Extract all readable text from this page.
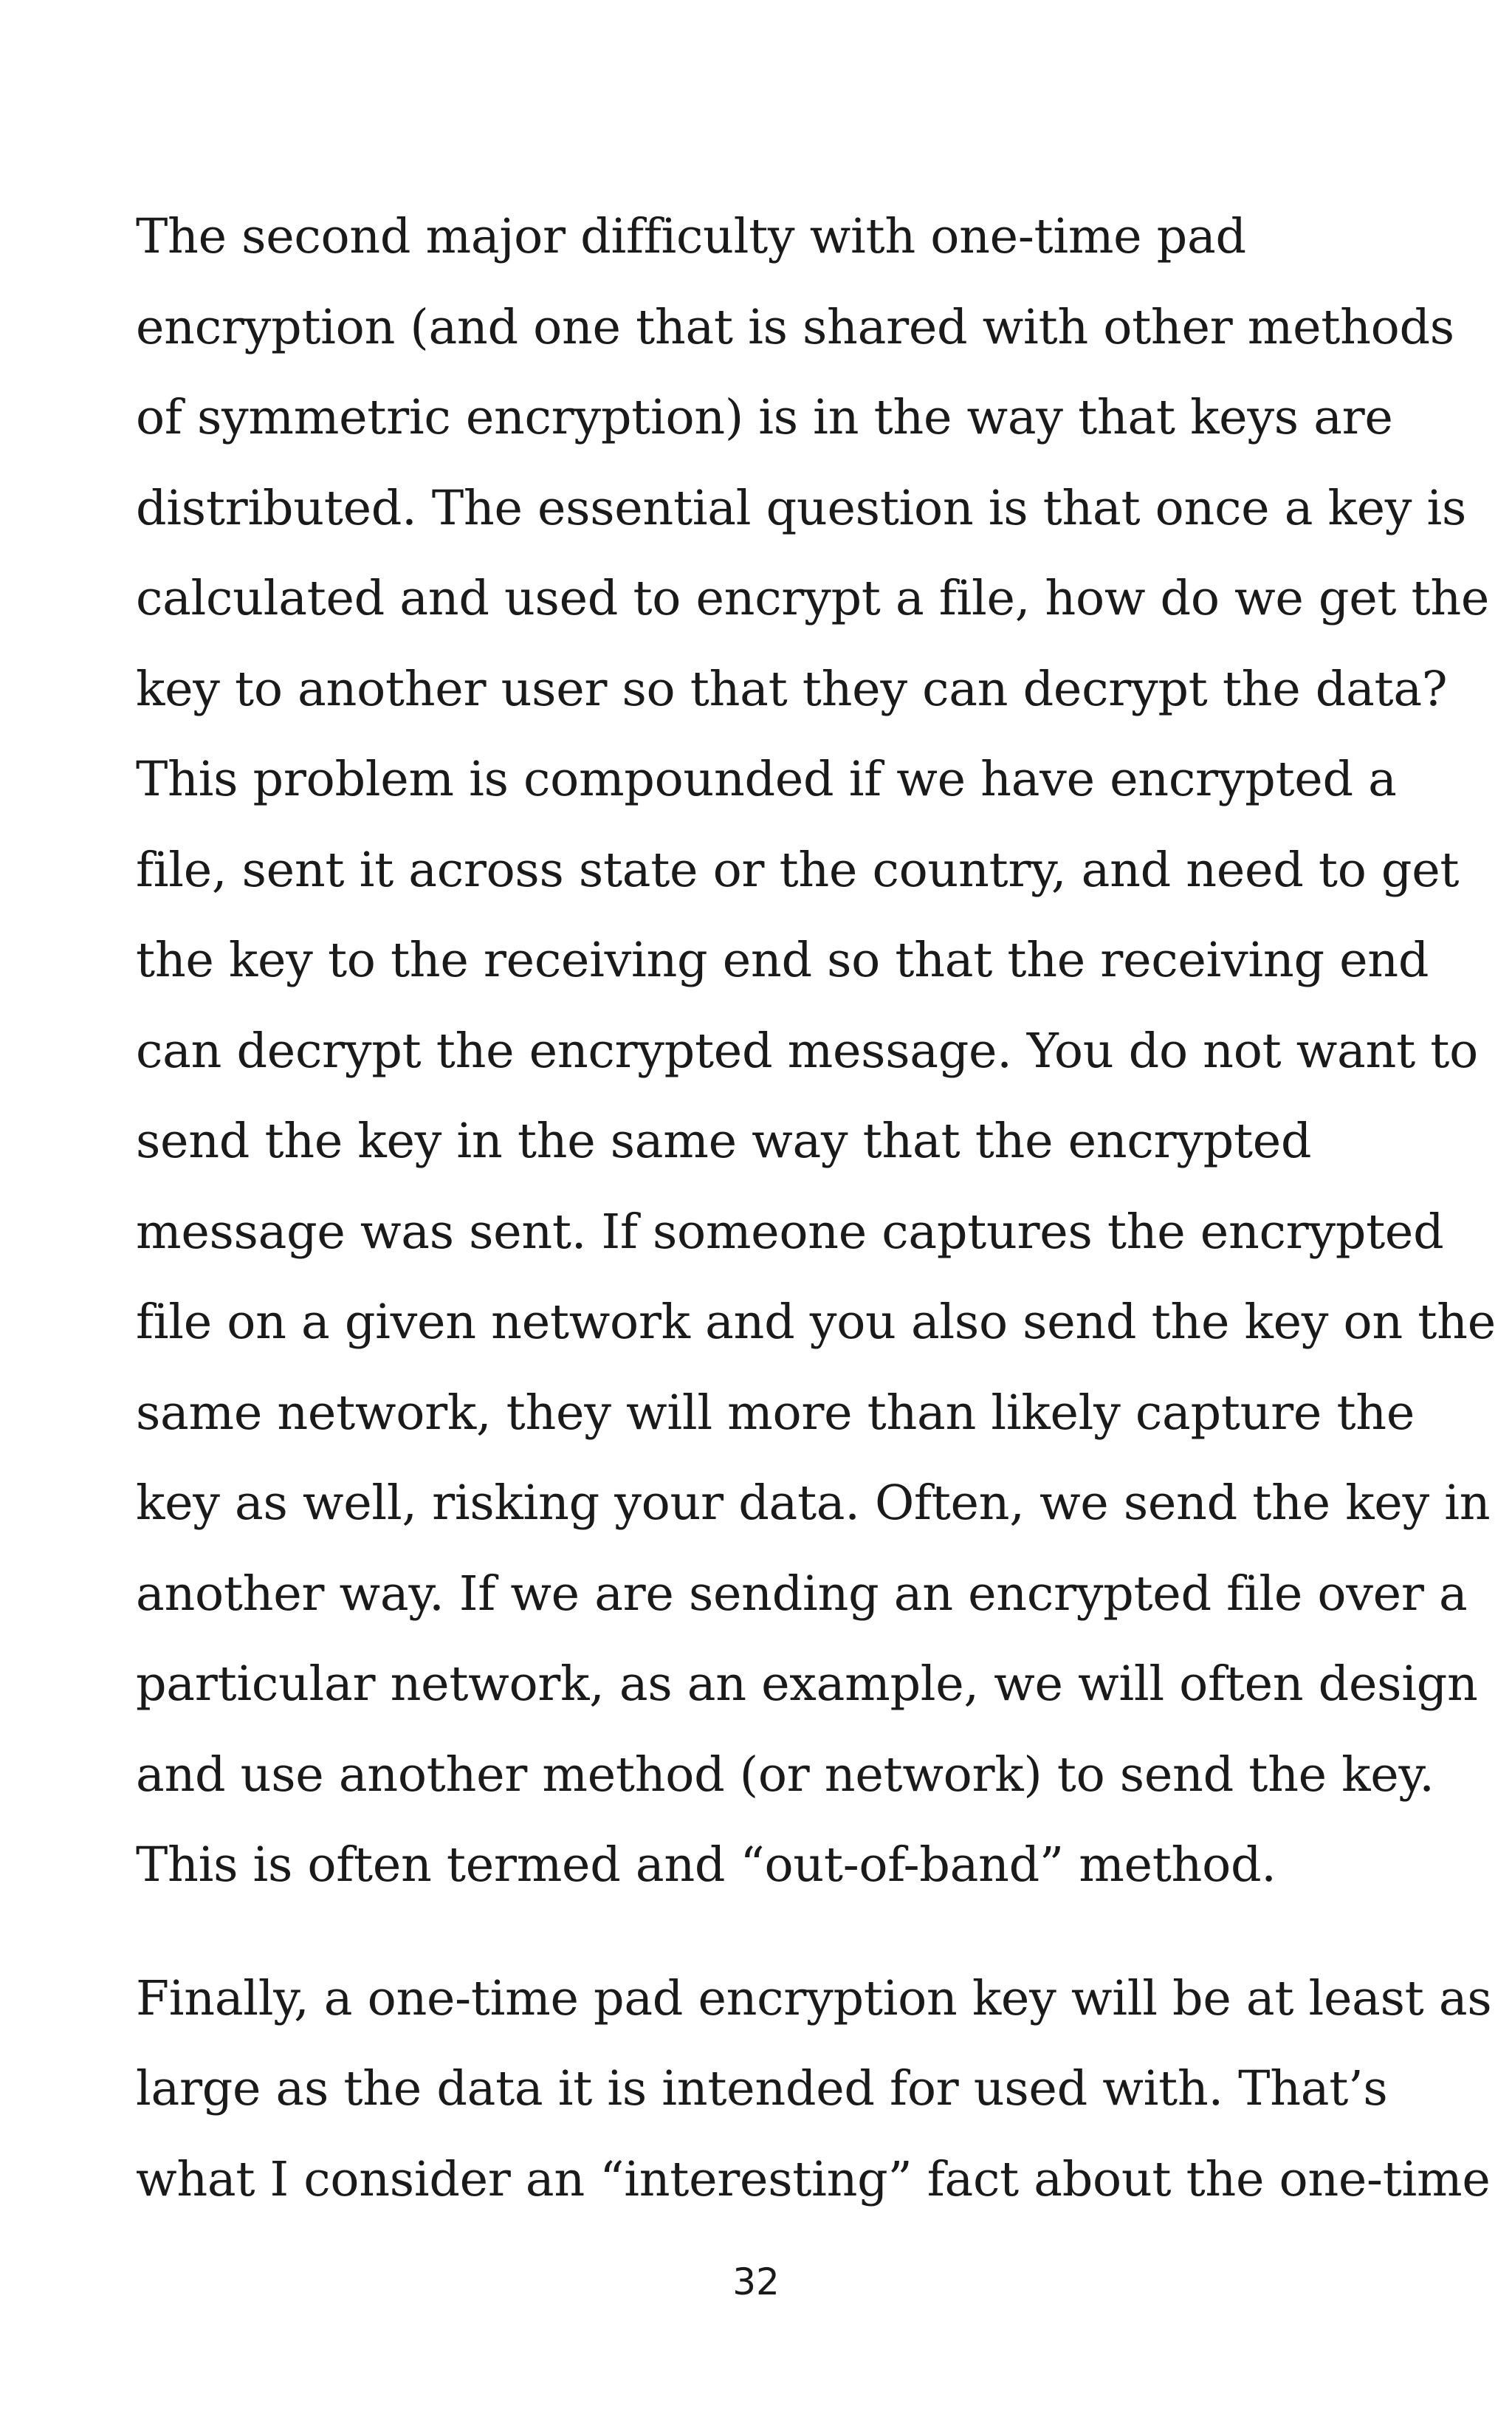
The second major difficulty with one-time pad
encryption (and one that is shared with other methods
of symmetric encryption) is in the way that keys are
distributed. The essential question is that once a key is
calculated and used to encrypt a file, how do we get the
key to another user so that they can decrypt the data?
This problem is compounded if we have encrypted a
file, sent it across state or the country, and need to get
the key to the receiving end so that the receiving end
can decrypt the encrypted message. You do not want to
send the key in the same way that the encrypted
message was sent. If someone captures the encrypted
file on a given network and you also send the key on the
same network, they will more than likely capture the
key as well, risking your data. Often, we send the key in
another way. If we are sending an encrypted file over a
particular network, as an example, we will often design
and use another method (or network) to send the key.
This is often termed and “out-of-band” method.
Finally, a one-time pad encryption key will be at least as
large as the data it is intended for used with. That’s
what I consider an “interesting” fact about the one-time
32
